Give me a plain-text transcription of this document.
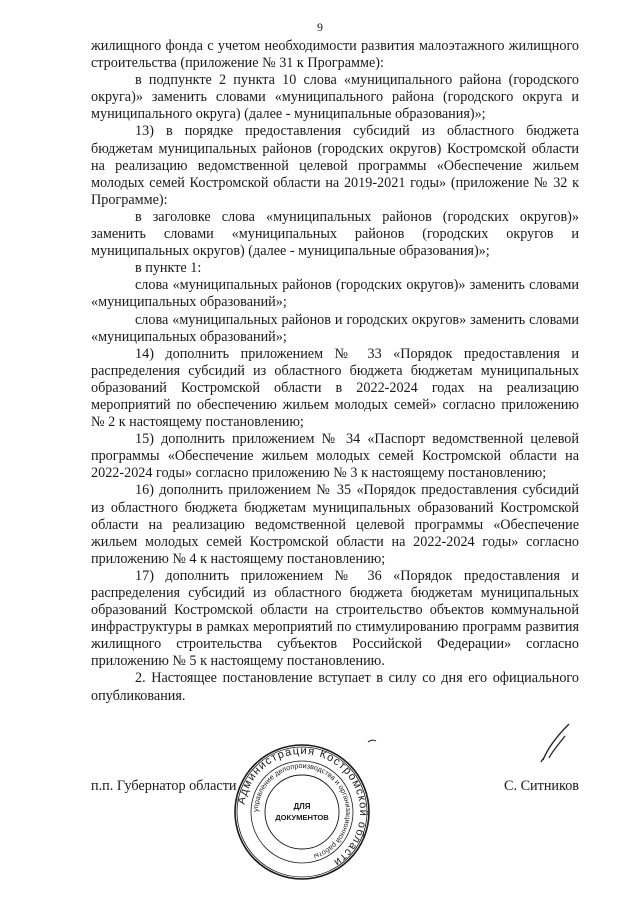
9

жилищного фонда с учетом необходимости развития малоэтажного жилищного строительства (приложение № 31 к Программе):

в подпункте 2 пункта 10 слова «муниципального района (городского округа)» заменить словами «муниципального района (городского округа и муниципального округа) (далее - муниципальные образования)»;

13) в порядке предоставления субсидий из областного бюджета бюджетам муниципальных районов (городских округов) Костромской области на реализацию ведомственной целевой программы «Обеспечение жильем молодых семей Костромской области на 2019-2021 годы» (приложение № 32 к Программе):

в заголовке слова «муниципальных районов (городских округов)» заменить словами «муниципальных районов (городских округов и муниципальных округов) (далее - муниципальные образования)»;

в пункте 1:

слова «муниципальных районов (городских округов)» заменить словами «муниципальных образований»;

слова «муниципальных районов и городских округов» заменить словами «муниципальных образований»;

14) дополнить приложением № 33 «Порядок предоставления и распределения субсидий из областного бюджета бюджетам муниципальных образований Костромской области в 2022-2024 годах на реализацию мероприятий по обеспечению жильем молодых семей» согласно приложению № 2 к настоящему постановлению;

15) дополнить приложением № 34 «Паспорт ведомственной целевой программы «Обеспечение жильем молодых семей Костромской области на 2022-2024 годы» согласно приложению № 3 к настоящему постановлению;

16) дополнить приложением № 35 «Порядок предоставления субсидий из областного бюджета бюджетам муниципальных образований Костромской области на реализацию ведомственной целевой программы «Обеспечение жильем молодых семей Костромской области на 2022-2024 годы» согласно приложению № 4 к настоящему постановлению;

17) дополнить приложением № 36 «Порядок предоставления и распределения субсидий из областного бюджета бюджетам муниципальных образований Костромской области на строительство объектов коммунальной инфраструктуры в рамках мероприятий по стимулированию программ развития жилищного строительства субъектов Российской Федерации» согласно приложению № 5 к настоящему постановлению.

2. Настоящее постановление вступает в силу со дня его официального опубликования.

п.п. Губернатор области	С. Ситников
Администрация Костромской области
управление делопроизводства и организационной работы
ДЛЯ
ДОКУМЕНТОВ
